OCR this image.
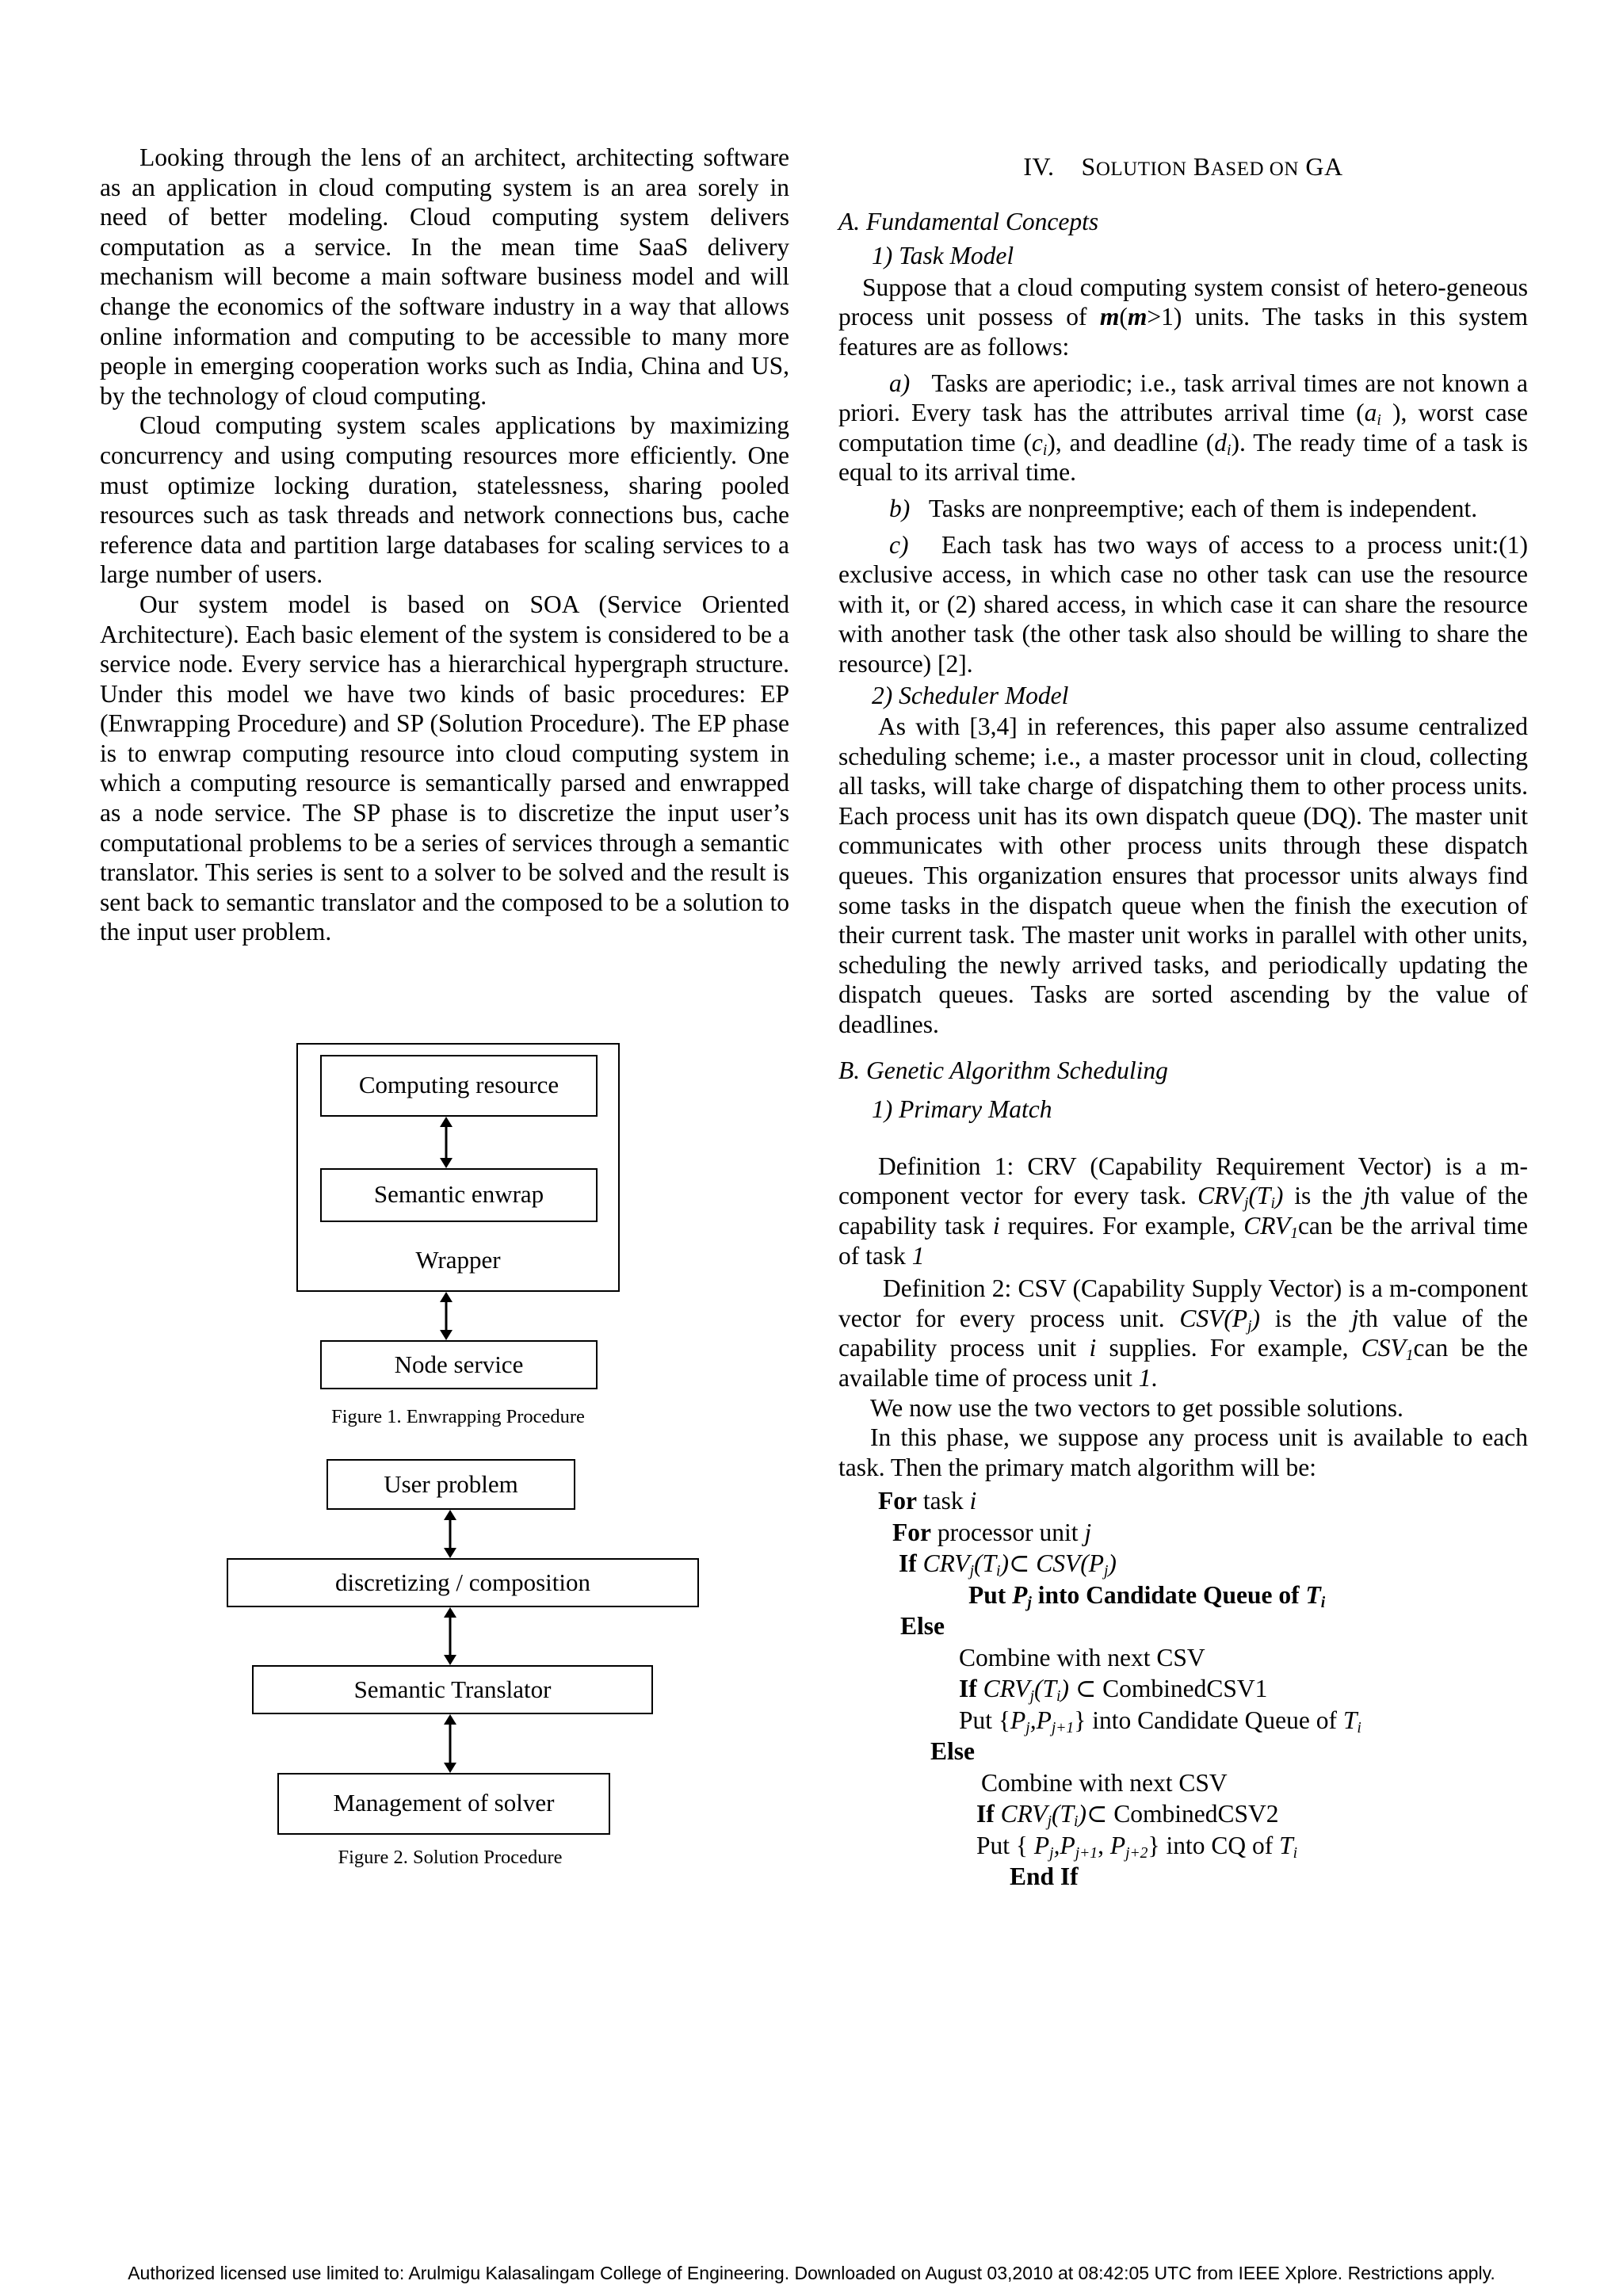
Looking through the lens of an architect, architecting software as an application in cloud computing system is an area sorely in need of better modeling. Cloud computing system delivers computation as a service. In the mean time SaaS delivery mechanism will become a main software business model and will change the economics of the software industry in a way that allows online information and computing to be accessible to many more people in emerging cooperation works such as India, China and US, by the technology of cloud computing.

Cloud computing system scales applications by maximizing concurrency and using computing resources more efficiently. One must optimize locking duration, statelessness, sharing pooled resources such as task threads and network connections bus, cache reference data and partition large databases for scaling services to a large number of users.

Our system model is based on SOA (Service Oriented Architecture). Each basic element of the system is considered to be a service node. Every service has a hierarchical hypergraph structure. Under this model we have two kinds of basic procedures: EP (Enwrapping Procedure) and SP (Solution Procedure). The EP phase is to enwrap computing resource into cloud computing system in which a computing resource is semantically parsed and enwrapped as a node service. The SP phase is to discretize the input user’s computational problems to be a series of services through a semantic translator. This series is sent to a solver to be solved and the result is sent back to semantic translator and the composed to be a solution to the input user problem.

Computing resource
Semantic enwrap
Wrapper
Node service
Figure 1. Enwrapping Procedure
User problem
discretizing / composition
Semantic Translator
Management of solver
Figure 2. Solution Procedure
IV. SOLUTION BASED ON GA
A. Fundamental Concepts
1) Task Model

Suppose that a cloud computing system consist of hetero-geneous process unit possess of m(m>1) units. The tasks in this system features are as follows:

a) Tasks are aperiodic; i.e., task arrival times are not known a priori. Every task has the attributes arrival time ($a_i$ ), worst case computation time $(c_i)$, and deadline $(d_i)$. The ready time of a task is equal to its arrival time.

b) Tasks are nonpreemptive; each of them is independent.

c) Each task has two ways of access to a process unit:(1) exclusive access, in which case no other task can use the resource with it, or (2) shared access, in which case it can share the resource with another task (the other task also should be willing to share the resource) [2].

2) Scheduler Model

As with [3,4] in references, this paper also assume centralized scheduling scheme; i.e., a master processor unit in cloud, collecting all tasks, will take charge of dispatching them to other process units. Each process unit has its own dispatch queue (DQ). The master unit communicates with other process units through these dispatch queues. This organization ensures that processor units always find some tasks in the dispatch queue when the finish the execution of their current task. The master unit works in parallel with other units, scheduling the newly arrived tasks, and periodically updating the dispatch queues. Tasks are sorted ascending by the value of deadlines.

B. Genetic Algorithm Scheduling
1) Primary Match

Definition 1: CRV (Capability Requirement Vector) is a m-component vector for every task. $CRV_j(T_i)$ is the jth value of the capability task i requires. For example, $CRV_1can$ be the arrival time of task 1

Definition 2: CSV (Capability Supply Vector) is a m-component vector for every process unit. $CSV(P_j)$ is the jth value of the capability process unit i supplies. For example, $CSV_1can$ be the available time of process unit 1.

We now use the two vectors to get possible solutions.

In this phase, we suppose any process unit is available to each task. Then the primary match algorithm will be:

For task i
For processor unit j
If $CRV_j(T_i)\subset$ $CSV(P_j)$
Put $P_j$ into Candidate Queue of $T_i$
Else
Combine with next CSV
If $CRV_j(T_i)$ ⊂ CombinedCSV1
Put $\{P_j,P_{j+1}\}$ into Candidate Queue of $T_i$
Else
Combine with next CSV
If $CRV_j(T_i)\subset$ CombinedCSV2
Put { $P_j,P_{j+1}$, $P_{j+2}$} into CQ of $T_i$
End If
Authorized licensed use limited to: Arulmigu Kalasalingam College of Engineering. Downloaded on August 03,2010 at 08:42:05 UTC from IEEE Xplore. Restrictions apply.
